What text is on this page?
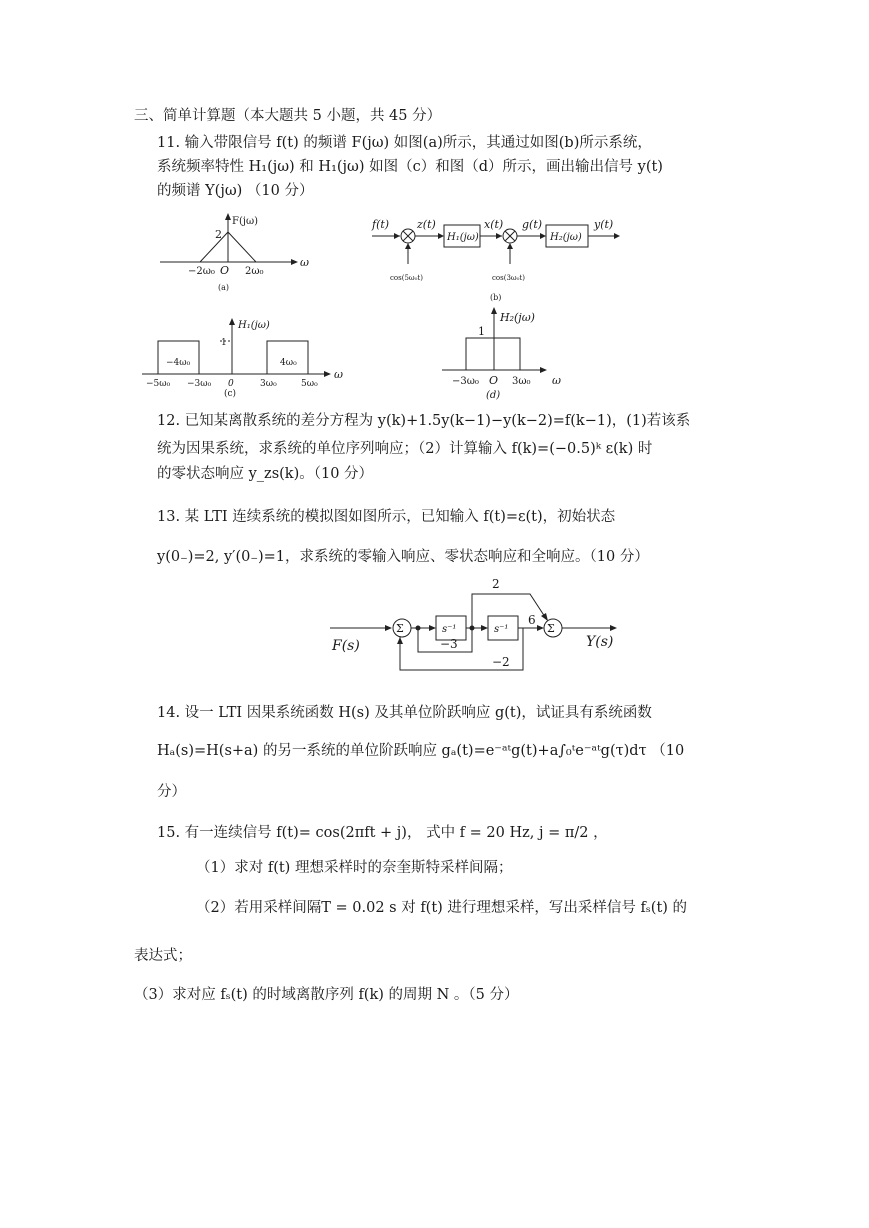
三、简单计算题（本大题共 5 小题，共 45 分）
11. 输入带限信号 f(t) 的频谱 F(jω) 如图(a)所示，其通过如图(b)所示系统，
系统频率特性 H₁(jω) 和 H₁(jω) 如图（c）和图（d）所示，画出输出信号 y(t)
的频谱 Y(jω) （10 分）
F(jω)
2
−2ω₀ O 2ω₀
ω
(a)
f(t)	z(t)
H₁(jω)
x(t) g(t)
H₂(jω)
y(t)
cos(5ω₀t)	cos(3ω₀t)
(b)
H₁(jω)
1
−4ω₀	4ω₀
−5ω₀ −3ω₀ 0	3ω₀	5ω₀
ω
(c)
H₂(jω)
1
−3ω₀ O 3ω₀ ω
(d)
12. 已知某离散系统的差分方程为 y(k)+1.5y(k−1)−y(k−2)=f(k−1)，(1)若该系
统为因果系统，求系统的单位序列响应；（2）计算输入 f(k)=(−0.5)ᵏ ε(k) 时
的零状态响应 y_zs(k)。（10 分）
13. 某 LTI 连续系统的模拟图如图所示，已知输入 f(t)=ε(t)，初始状态
y(0₋)=2, y′(0₋)=1，求系统的零输入响应、零状态响应和全响应。（10 分）
F(s)	Y(s)
Σ	Σ
s⁻¹	s⁻¹
2
6
−3
−2
14. 设一 LTI 因果系统函数 H(s) 及其单位阶跃响应 g(t)，试证具有系统函数
Hₐ(s)=H(s+a) 的另一系统的单位阶跃响应 gₐ(t)=e⁻ᵃᵗg(t)+a∫₀ᵗe⁻ᵃᵗg(τ)dτ （10
分）
15. 有一连续信号 f(t)= cos(2πft + j)， 式中 f = 20 Hz, j = π/2 ，
（1）求对 f(t) 理想采样时的奈奎斯特采样间隔；
（2）若用采样间隔T = 0.02 s 对 f(t) 进行理想采样，写出采样信号 fₛ(t) 的
表达式；
（3）求对应 fₛ(t) 的时域离散序列 f(k) 的周期 N 。（5 分）
